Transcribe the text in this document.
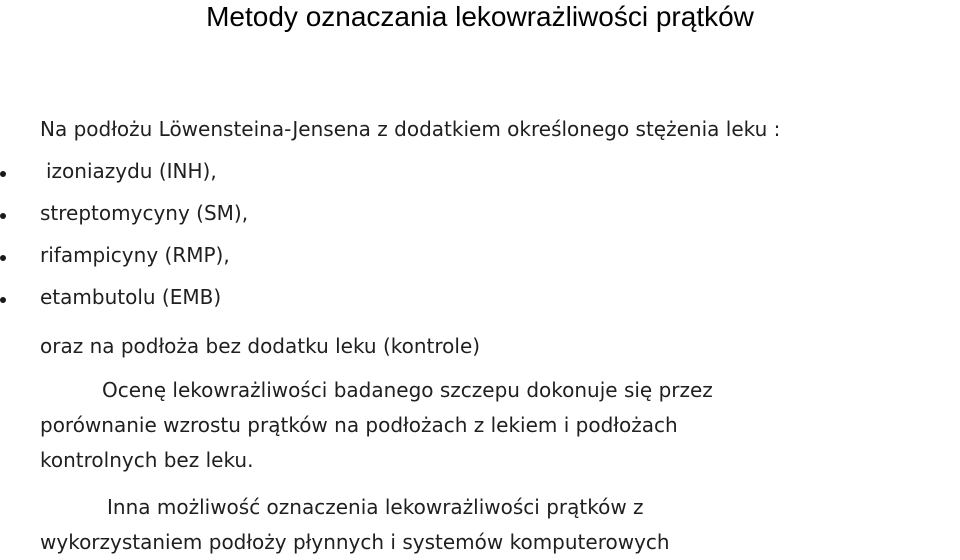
Metody oznaczania lekowrażliwości prątków
Na podłożu Löwensteina-Jensena z dodatkiem określonego stężenia leku :
izoniazydu (INH),
streptomycyny (SM),
rifampicyny (RMP),
etambutolu (EMB)
oraz na podłoża bez dodatku leku (kontrole)
Ocenę lekowrażliwości badanego szczepu dokonuje się przez
porównanie wzrostu prątków na podłożach z lekiem i podłożach
kontrolnych bez leku.
Inna możliwość oznaczenia lekowrażliwości prątków z
wykorzystaniem podłoży płynnych i systemów komputerowych
